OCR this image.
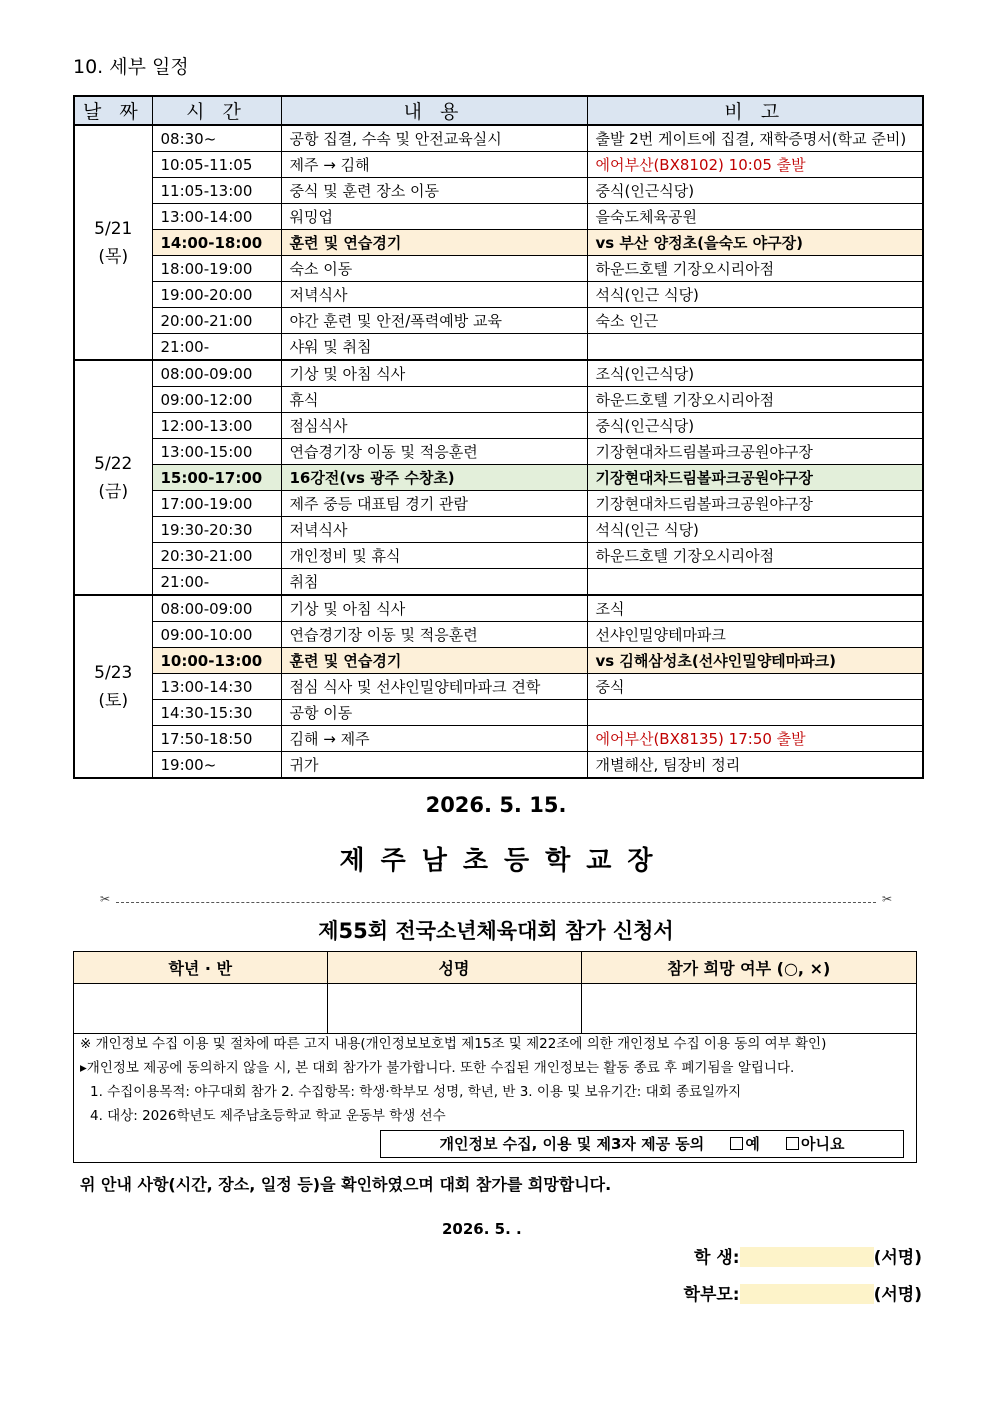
10. 세부 일정
날 짜	시 간	내 용	비 고

5/21
(목)	08:30~	공항 집결, 수속 및 안전교육실시	출발 2번 게이트에 집결, 재학증명서(학교 준비)
	10:05-11:05	제주 → 김해	에어부산(BX8102) 10:05 출발
	11:05-13:00	중식 및 훈련 장소 이동	중식(인근식당)
	13:00-14:00	워밍업	을숙도체육공원
	14:00-18:00	훈련 및 연습경기	vs 부산 양정초(을숙도 야구장)
	18:00-19:00	숙소 이동	하운드호텔 기장오시리아점
	19:00-20:00	저녁식사	석식(인근 식당)
	20:00-21:00	야간 훈련 및 안전/폭력예방 교육	숙소 인근
	21:00-	샤워 및 취침	

5/22
(금)	08:00-09:00	기상 및 아침 식사	조식(인근식당)
	09:00-12:00	휴식	하운드호텔 기장오시리아점
	12:00-13:00	점심식사	중식(인근식당)
	13:00-15:00	연습경기장 이동 및 적응훈련	기장현대차드림볼파크공원야구장
	15:00-17:00	16강전(vs 광주 수창초)	기장현대차드림볼파크공원야구장
	17:00-19:00	제주 중등 대표팀 경기 관람	기장현대차드림볼파크공원야구장
	19:30-20:30	저녁식사	석식(인근 식당)
	20:30-21:00	개인정비 및 휴식	하운드호텔 기장오시리아점
	21:00-	취침	

5/23
(토)	08:00-09:00	기상 및 아침 식사	조식
	09:00-10:00	연습경기장 이동 및 적응훈련	선샤인밀양테마파크
	10:00-13:00	훈련 및 연습경기	vs 김해삼성초(선샤인밀양테마파크)
	13:00-14:30	점심 식사 및 선샤인밀양테마파크 견학	중식
	14:30-15:30	공항 이동	
	17:50-18:50	김해 → 제주	에어부산(BX8135) 17:50 출발
	19:00~	귀가	개별해산, 팀장비 정리
2026. 5. 15.
제주남초등학교장
✂	✂
제55회 전국소년체육대회 참가 신청서
학년 · 반	성명	참가 희망 여부 (○, ×)

※ 개인정보 수집 이용 및 절차에 따른 고지 내용(개인정보보호법 제15조 및 제22조에 의한 개인정보 수집 이용 동의 여부 확인)
▸개인정보 제공에 동의하지 않을 시, 본 대회 참가가 불가합니다. 또한 수집된 개인정보는 활동 종료 후 폐기됨을 알립니다.
1. 수집이용목적: 야구대회 참가 2. 수집항목: 학생·학부모 성명, 학년, 반 3. 이용 및 보유기간: 대회 종료일까지
4. 대상: 2026학년도 제주남초등학교 학교 운동부 학생 선수
개인정보 수집, 이용 및 제3자 제공 동의	예	아니요
위 안내 사항(시간, 장소, 일정 등)을 확인하였으며 대회 참가를 희망합니다.
2026. 5. .
학 생:	(서명)
학부모:	(서명)
